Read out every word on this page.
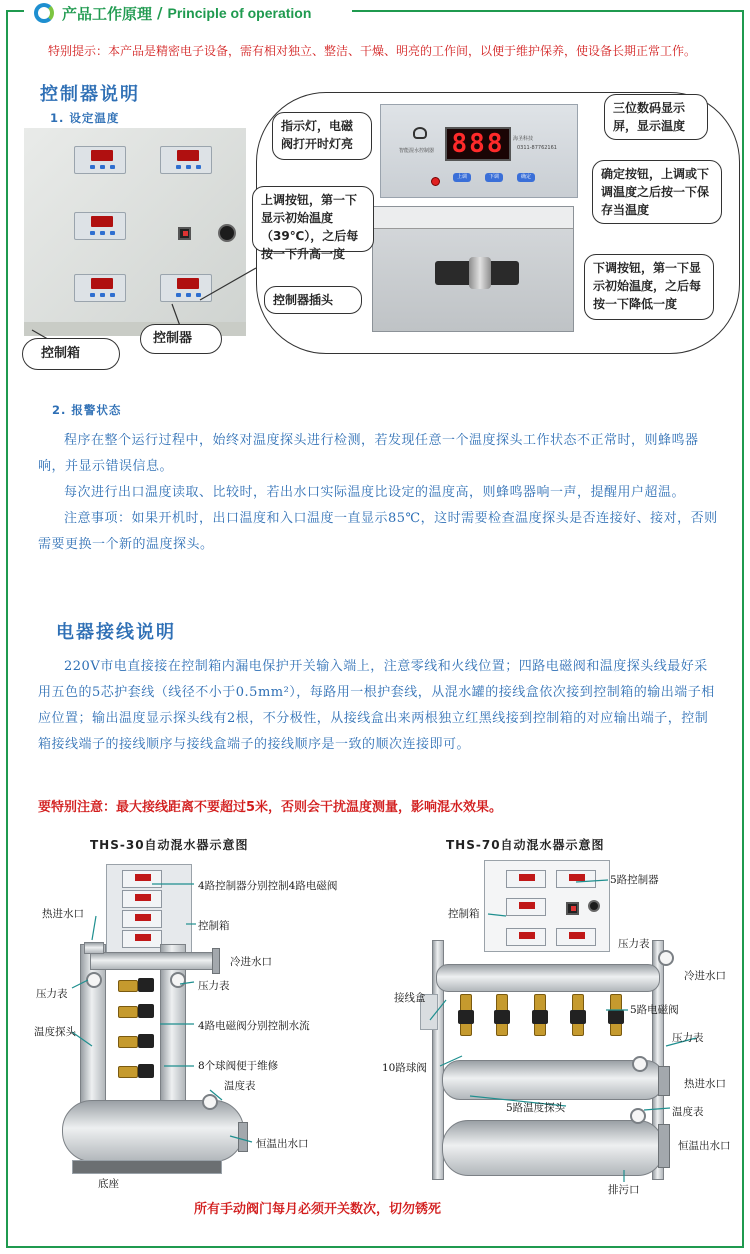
产品工作原理 / Principle of operation
特别提示：本产品是精密电子设备，需有相对独立、整洁、干燥、明亮的工作间，以便于维护保养，使设备长期正常工作。
控制器说明
1. 设定温度
控制箱
控制器
智能混水控制器
海圣科技
0311-87762161
888
上调	下调	确定
指示灯，电磁阀打开时灯亮
三位数码显示屏，显示温度
确定按钮，上调或下调温度之后按一下保存当温度
上调按钮，第一下显示初始温度（39℃），之后每按一下升高一度
下调按钮，第一下显示初始温度，之后每按一下降低一度
控制器插头
2. 报警状态

程序在整个运行过程中，始终对温度探头进行检测，若发现任意一个温度探头工作状态不正常时，则蜂鸣器响，并显示错误信息。

每次进行出口温度读取、比较时，若出水口实际温度比设定的温度高，则蜂鸣器响一声，提醒用户超温。

注意事项：如果开机时，出口温度和入口温度一直显示85℃，这时需要检查温度探头是否连接好、接对，否则需要更换一个新的温度探头。

电器接线说明

220V市电直接接在控制箱内漏电保护开关输入端上，注意零线和火线位置；四路电磁阀和温度探头线最好采用五色的5芯护套线（线径不小于0.5mm²），每路用一根护套线，从混水罐的接线盒依次接到控制箱的输出端子相应位置；输出温度显示探头线有2根，不分极性，从接线盒出来两根独立红黑线接到控制箱的对应输出端子，控制箱接线端子的接线顺序与接线盒端子的接线顺序是一致的顺次连接即可。

要特别注意：最大接线距离不要超过5米，否则会干扰温度测量，影响混水效果。
THS-30自动混水器示意图
4路控制器分别控制4路电磁阀
热进水口
控制箱
冷进水口
压力表
压力表
4路电磁阀分别控制水流
温度探头
8个球阀便于维修
温度表
恒温出水口
底座
THS-70自动混水器示意图
5路控制器
控制箱
压力表
冷进水口
接线盒
5路电磁阀
压力表
10路球阀
热进水口
5路温度探头	温度表
恒温出水口
排污口
所有手动阀门每月必须开关数次，切勿锈死
